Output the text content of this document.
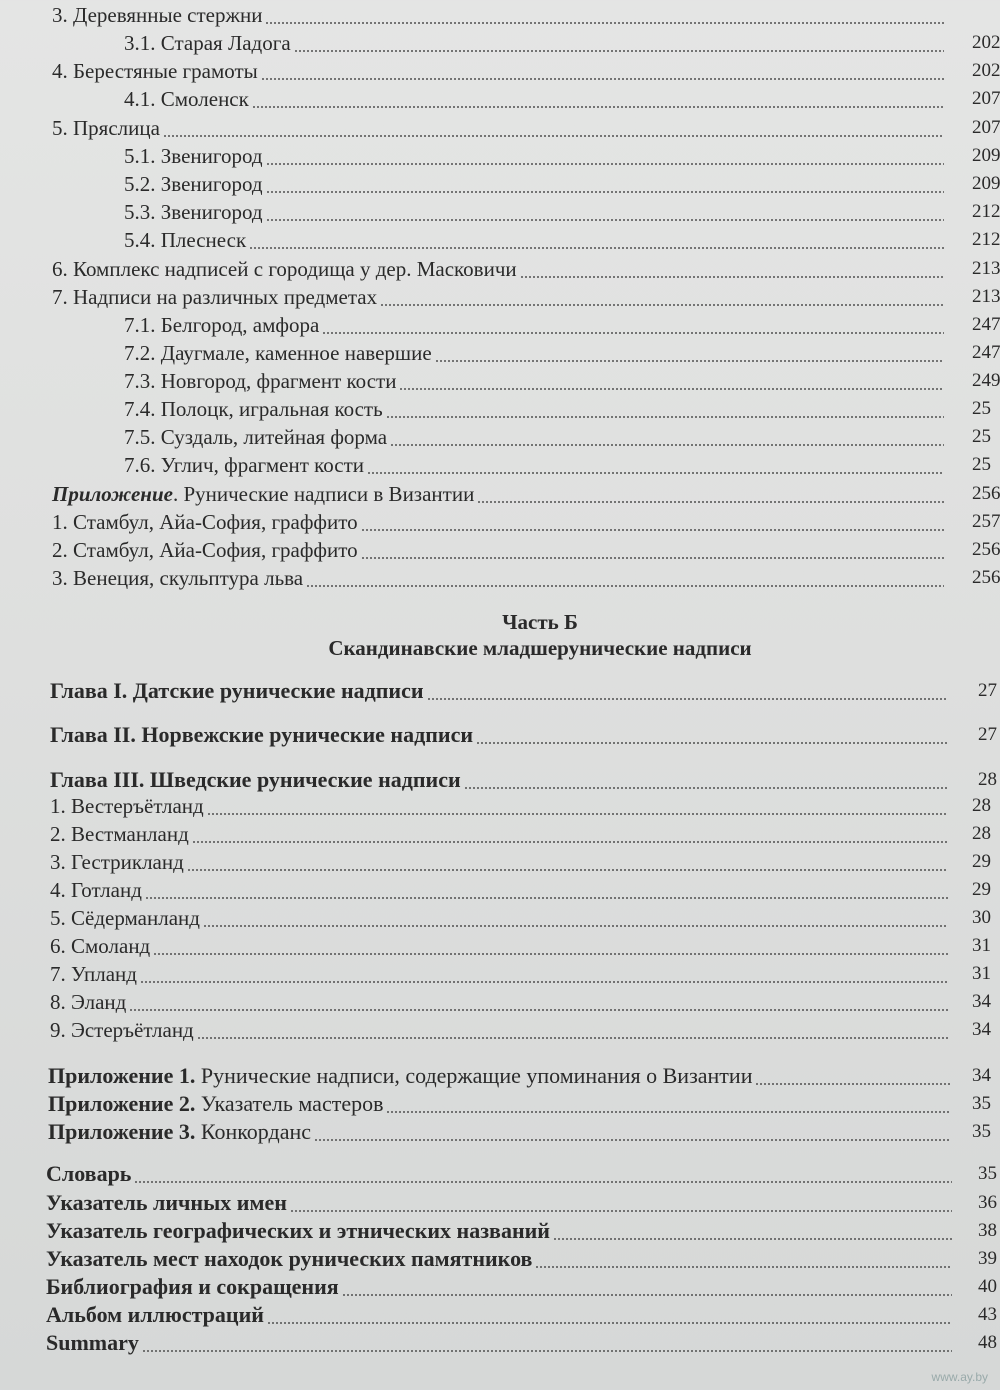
3. Деревянные стержни
3.1. Старая Ладога	202
4. Берестяные грамоты	202
4.1. Смоленск	207
5. Пряслица	207
5.1. Звенигород	209
5.2. Звенигород	209
5.3. Звенигород	212
5.4. Плеснеск	212
6. Комплекс надписей с городища у дер. Масковичи	213
7. Надписи на различных предметах	213
7.1. Белгород, амфора	247
7.2. Даугмале, каменное навершие	247
7.3. Новгород, фрагмент кости	249
7.4. Полоцк, игральная кость	25
7.5. Суздаль, литейная форма	25
7.6. Углич, фрагмент кости	25
Приложение. Рунические надписи в Византии	256
1. Стамбул, Айа-София, граффито	257
2. Стамбул, Айа-София, граффито	256
3. Венеция, скульптура льва	256
Часть Б
Скандинавские младшерунические надписи
Глава I. Датские рунические надписи	27
Глава II. Норвежские рунические надписи	27
Глава III. Шведские рунические надписи	28
1. Вестеръётланд	28
2. Вестманланд	28
3. Гестрикланд	29
4. Готланд	29
5. Сёдерманланд	30
6. Смоланд	31
7. Упланд	31
8. Эланд	34
9. Эстеръётланд	34
Приложение 1. Рунические надписи, содержащие упоминания о Византии	34
Приложение 2. Указатель мастеров	35
Приложение 3. Конкорданс	35
Словарь	35
Указатель личных имен	36
Указатель географических и этнических названий	38
Указатель мест находок рунических памятников	39
Библиография и сокращения	40
Альбом иллюстраций	43
Summary	48
www.ay.by
